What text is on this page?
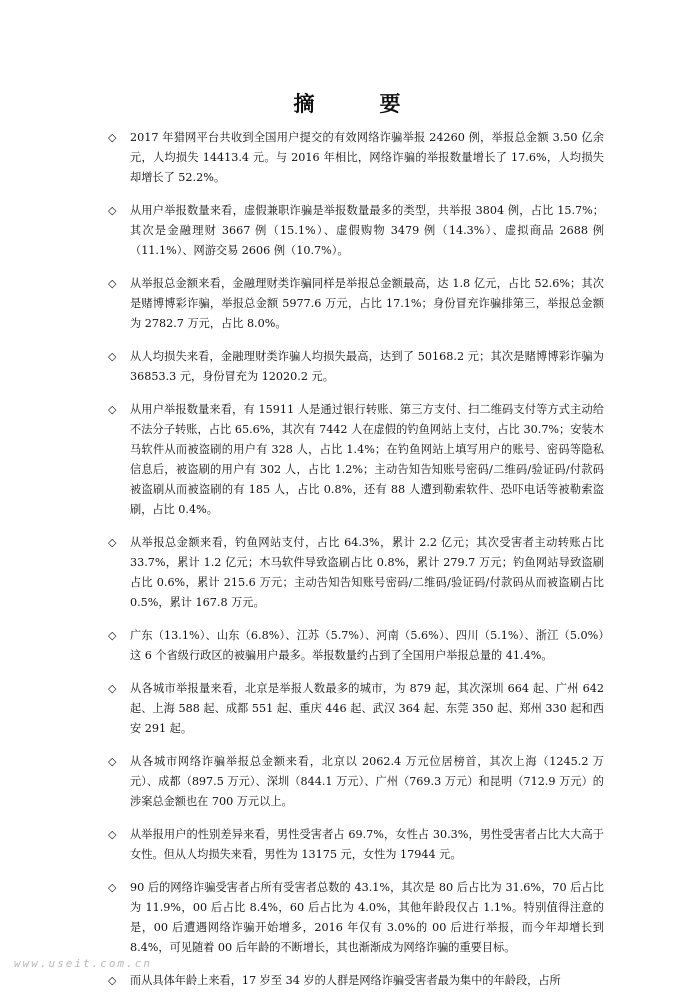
摘　要
◇	2017 年猎网平台共收到全国用户提交的有效网络诈骗举报 24260 例，举报总金额 3.50 亿余元，人均损失 14413.4 元。与 2016 年相比，网络诈骗的举报数量增长了 17.6%，人均损失却增长了 52.2%。
◇	从用户举报数量来看，虚假兼职诈骗是举报数量最多的类型，共举报 3804 例，占比 15.7%；其次是金融理财 3667 例（15.1%）、虚假购物 3479 例（14.3%）、虚拟商品 2688 例（11.1%）、网游交易 2606 例（10.7%）。
◇	从举报总金额来看，金融理财类诈骗同样是举报总金额最高，达 1.8 亿元，占比 52.6%；其次是赌博博彩诈骗，举报总金额 5977.6 万元，占比 17.1%；身份冒充诈骗排第三，举报总金额为 2782.7 万元，占比 8.0%。
◇	从人均损失来看，金融理财类诈骗人均损失最高，达到了 50168.2 元；其次是赌博博彩诈骗为 36853.3 元，身份冒充为 12020.2 元。
◇	从用户举报数量来看，有 15911 人是通过银行转账、第三方支付、扫二维码支付等方式主动给不法分子转账，占比 65.6%，其次有 7442 人在虚假的钓鱼网站上支付，占比 30.7%；安装木马软件从而被盗刷的用户有 328 人，占比 1.4%；在钓鱼网站上填写用户的账号、密码等隐私信息后，被盗刷的用户有 302 人，占比 1.2%；主动告知告知账号密码/二维码/验证码/付款码被盗刷从而被盗刷的有 185 人，占比 0.8%，还有 88 人遭到勒索软件、恐吓电话等被勒索盗刷，占比 0.4%。
◇	从举报总金额来看，钓鱼网站支付，占比 64.3%，累计 2.2 亿元；其次受害者主动转账占比 33.7%，累计 1.2 亿元；木马软件导致盗刷占比 0.8%，累计 279.7 万元；钓鱼网站导致盗刷占比 0.6%，累计 215.6 万元；主动告知告知账号密码/二维码/验证码/付款码从而被盗刷占比 0.5%，累计 167.8 万元。
◇	广东（13.1%）、山东（6.8%）、江苏（5.7%）、河南（5.6%）、四川（5.1%）、浙江（5.0%）这 6 个省级行政区的被骗用户最多。举报数量约占到了全国用户举报总量的 41.4%。
◇	从各城市举报量来看，北京是举报人数最多的城市，为 879 起，其次深圳 664 起、广州 642 起、上海 588 起、成都 551 起、重庆 446 起、武汉 364 起、东莞 350 起、郑州 330 起和西安 291 起。
◇	从各城市网络诈骗举报总金额来看，北京以 2062.4 万元位居榜首，其次上海（1245.2 万元）、成都（897.5 万元）、深圳（844.1 万元）、广州（769.3 万元）和昆明（712.9 万元）的涉案总金额也在 700 万元以上。
◇	从举报用户的性别差异来看，男性受害者占 69.7%，女性占 30.3%，男性受害者占比大大高于女性。但从人均损失来看，男性为 13175 元，女性为 17944 元。
◇	90 后的网络诈骗受害者占所有受害者总数的 43.1%，其次是 80 后占比为 31.6%，70 后占比为 11.9%，00 后占比 8.4%，60 后占比为 4.0%，其他年龄段仅占 1.1%。特别值得注意的是，00 后遭遇网络诈骗开始增多，2016 年仅有 3.0%的 00 后进行举报，而今年却增长到 8.4%，可见随着 00 后年龄的不断增长，其也渐渐成为网络诈骗的重要目标。
◇	而从具体年龄上来看，17 岁至 34 岁的人群是网络诈骗受害者最为集中的年龄段，占所
www.useit.com.cn
